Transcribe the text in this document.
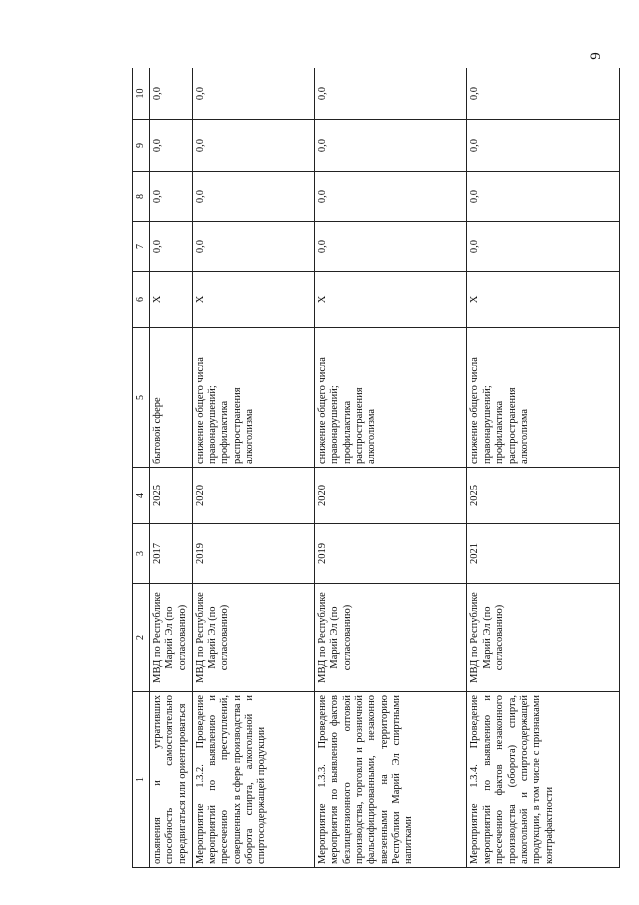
9
1	2	3	4	5	6	7	8	9	10
опьянения и утративших способность самостоятельно передвигаться или ориентироваться	МВД по Республике Марий Эл (по согласованию)	2017	2025	бытовой сфере	X	0,0	0,0	0,0	0,0
Мероприятие 1.3.2. Проведение мероприятий по выявлению и пресечению преступлений, совершенных в сфере производства и оборота спирта, алкогольной и спиртосодержащей продукции	МВД по Республике Марий Эл (по согласованию)	2019	2020	снижение общего числа правонарушений; профилактика распространения алкоголизма	X	0,0	0,0	0,0	0,0
Мероприятие 1.3.3. Проведение мероприятия по выявлению фактов безлицензионного оптовой производства, торговли и розничной фальсифицированными, незаконно ввезенными на территорию Республики Марий Эл спиртными напитками	МВД по Республике Марий Эл (по согласованию)	2019	2020	снижение общего числа правонарушений; профилактика распространения алкоголизма	X	0,0	0,0	0,0	0,0
Мероприятие 1.3.4. Проведение мероприятий по выявлению и пресечению фактов незаконного производства (оборота) спирта, алкогольной и спиртосодержащей продукции, в том числе с признаками контрафактности	МВД по Республике Марий Эл (по согласованию)	2021	2025	снижение общего числа правонарушений; профилактика распространения алкоголизма	X	0,0	0,0	0,0	0,0
